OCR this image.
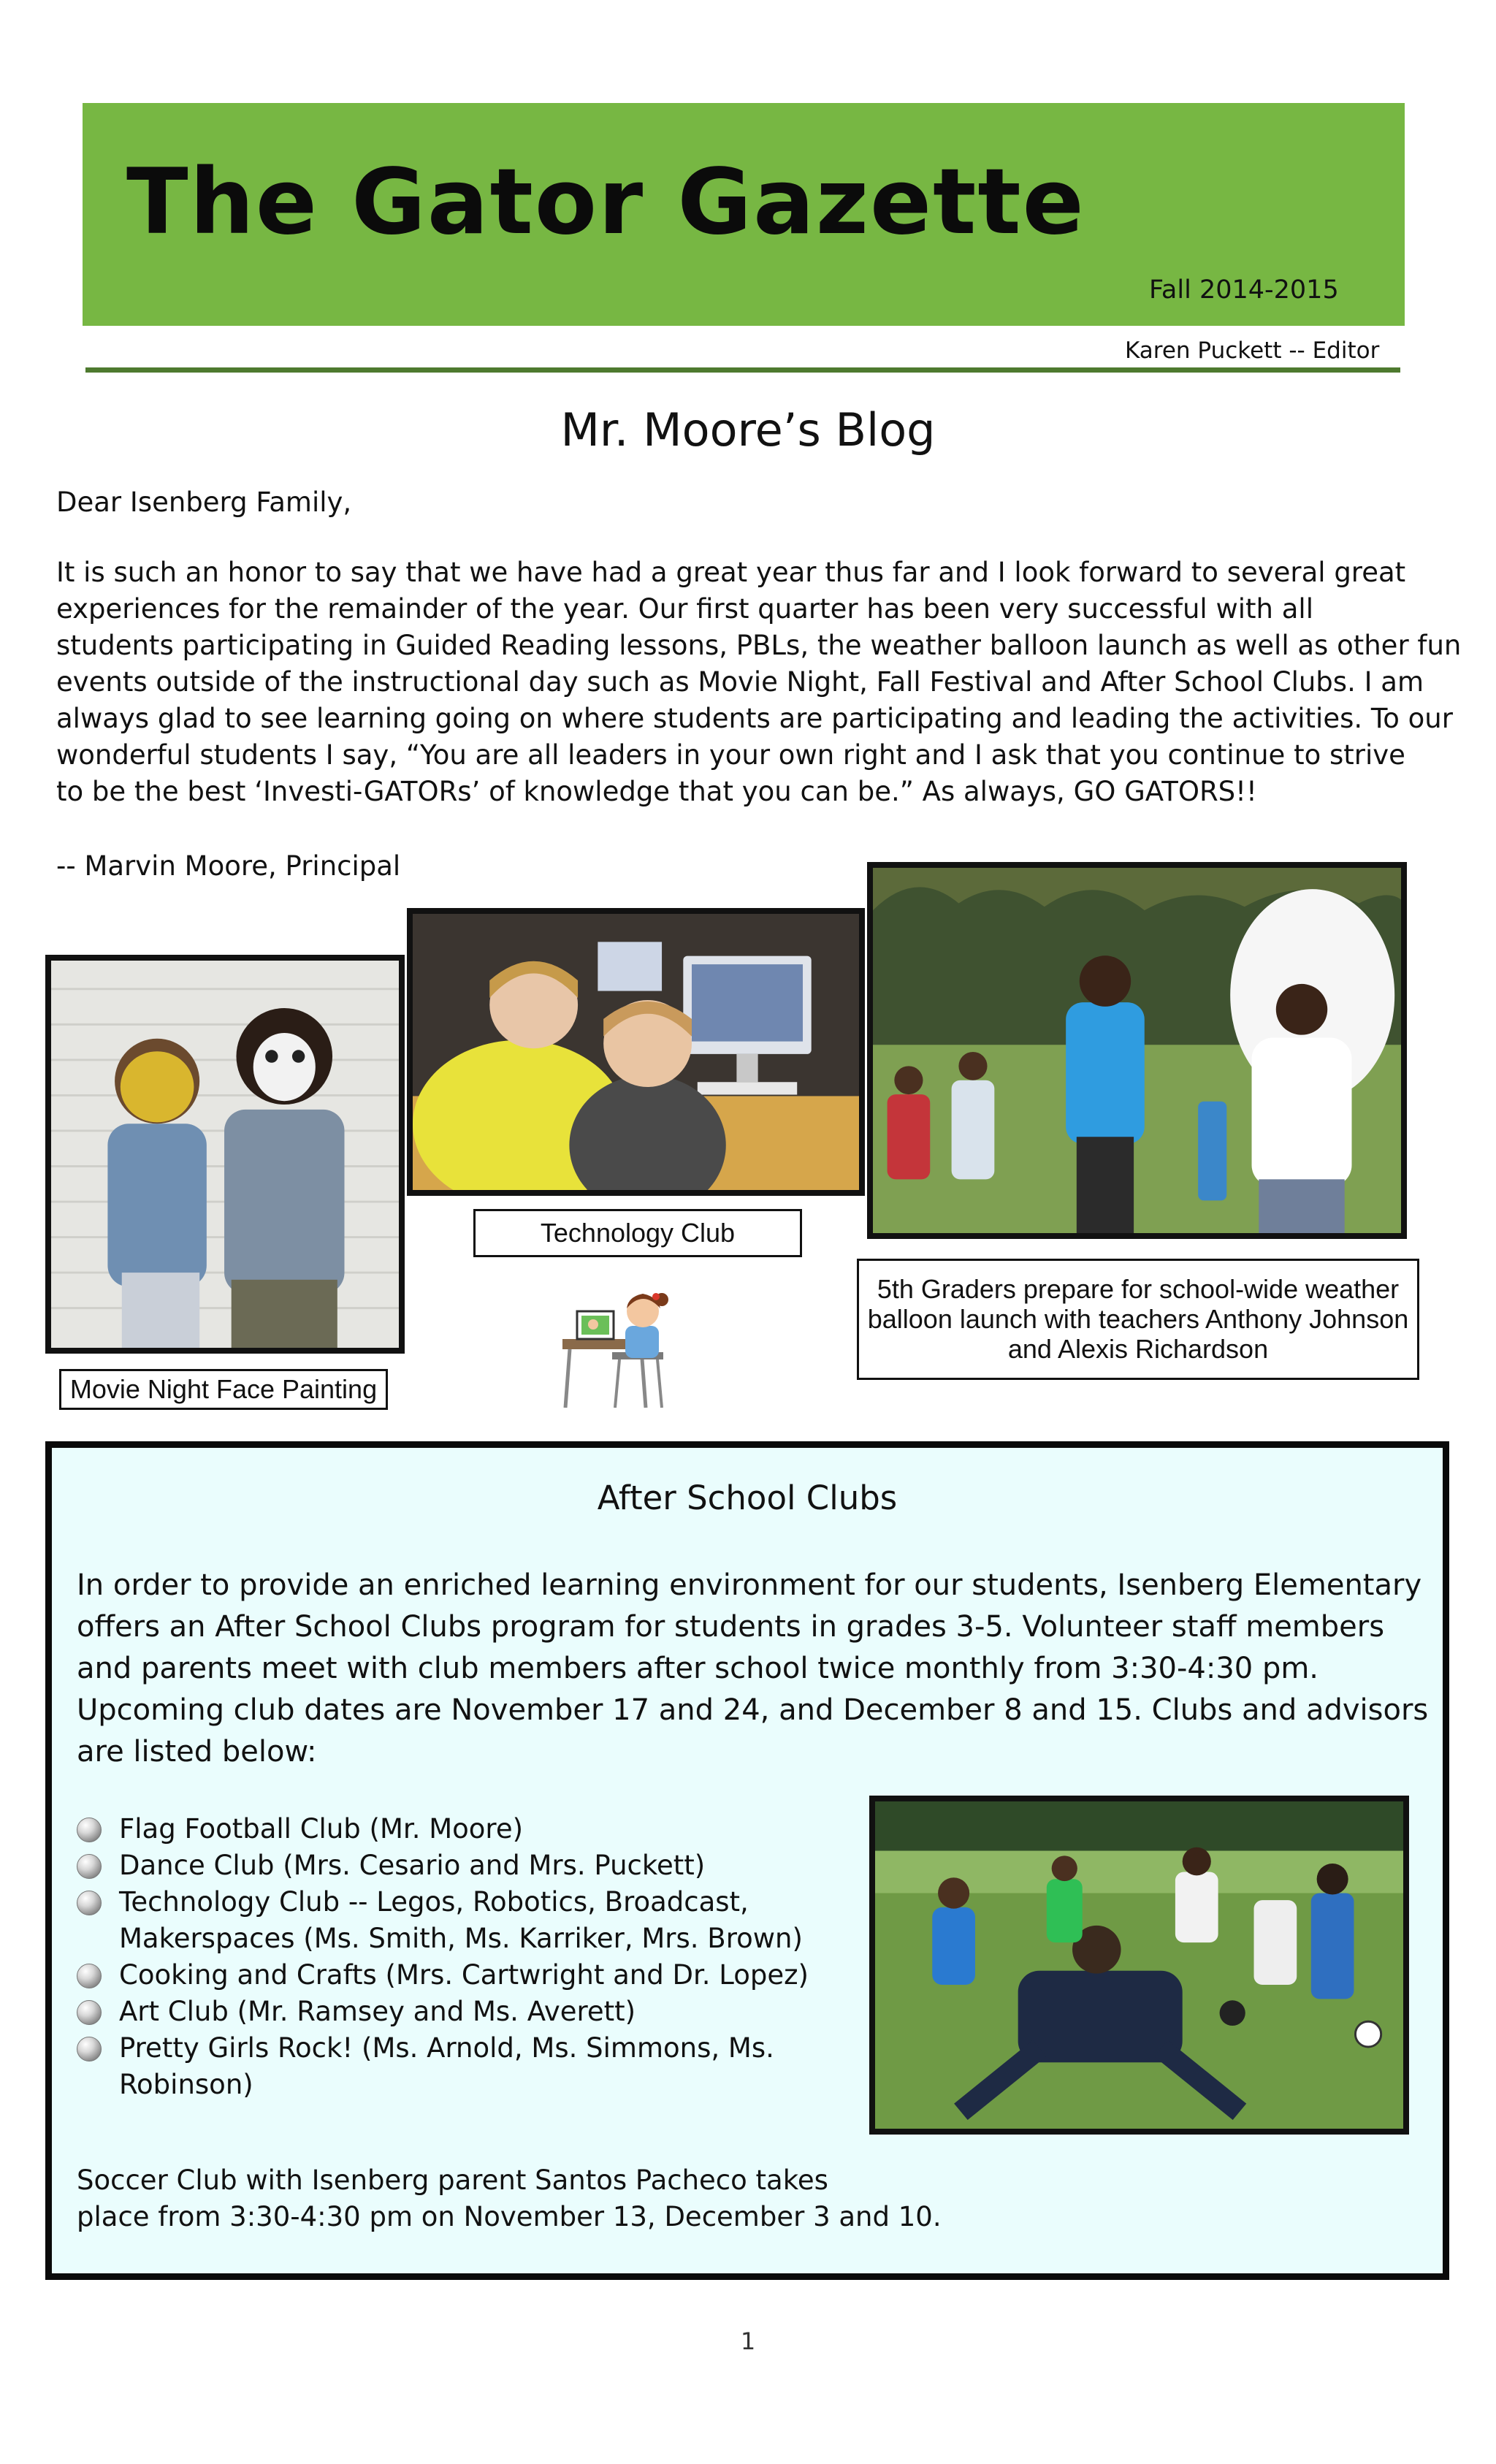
The Gator Gazette
Fall 2014-2015
Karen Puckett -- Editor
Mr. Moore’s Blog
Dear Isenberg Family,
It is such an honor to say that we have had a great year thus far and I look forward to several great
experiences for the remainder of the year. Our first quarter has been very successful with all
students participating in Guided Reading lessons, PBLs, the weather balloon launch as well as other fun
events outside of the instructional day such as Movie Night, Fall Festival and After School Clubs. I am
always glad to see learning going on where students are participating and leading the activities. To our
wonderful students I say, “You are all leaders in your own right and I ask that you continue to strive
to be the best ‘Investi-GATORs’ of knowledge that you can be.” As always, GO GATORS!!
-- Marvin Moore, Principal
Movie Night Face Painting
Technology Club
5th Graders prepare for school-wide weather
balloon launch with teachers Anthony Johnson
and Alexis Richardson
After School Clubs
In order to provide an enriched learning environment for our students, Isenberg Elementary
offers an After School Clubs program for students in grades 3-5. Volunteer staff members
and parents meet with club members after school twice monthly from 3:30-4:30 pm.
Upcoming club dates are November 17 and 24, and December 8 and 15. Clubs and advisors
are listed below:
Flag Football Club (Mr. Moore)
Dance Club (Mrs. Cesario and Mrs. Puckett)
Technology Club -- Legos, Robotics, Broadcast,
Makerspaces (Ms. Smith, Ms. Karriker, Mrs. Brown)
Cooking and Crafts (Mrs. Cartwright and Dr. Lopez)
Art Club (Mr. Ramsey and Ms. Averett)
Pretty Girls Rock! (Ms. Arnold, Ms. Simmons, Ms.
Robinson)
Soccer Club with Isenberg parent Santos Pacheco takes
place from 3:30-4:30 pm on November 13, December 3 and 10.
1
